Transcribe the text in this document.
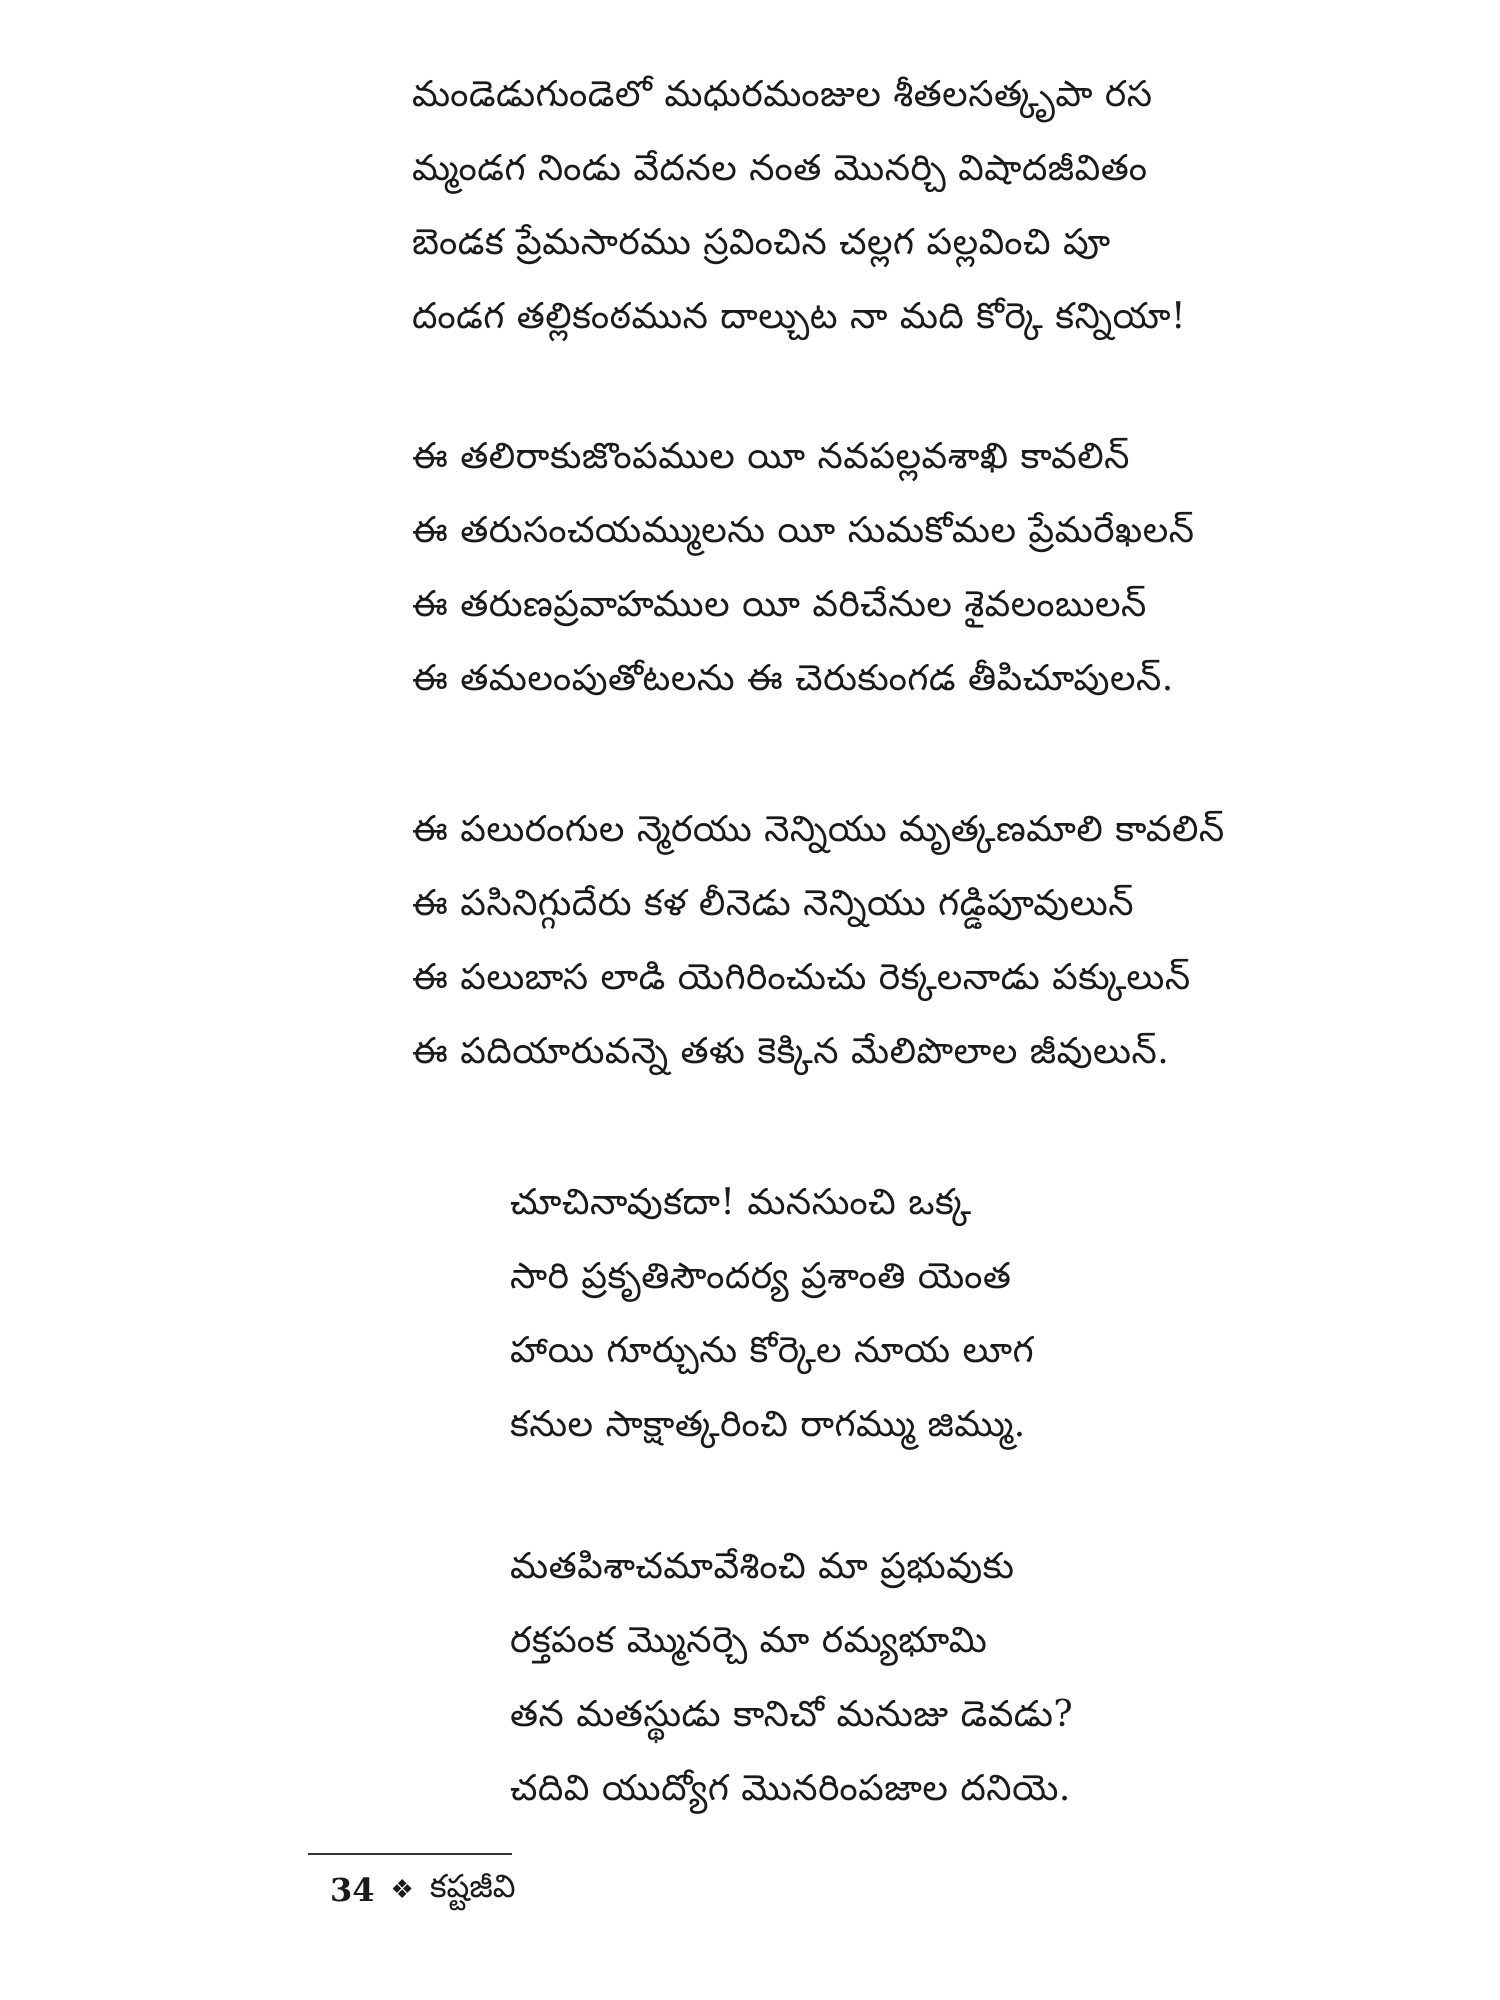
మండెడుగుండెలో మధురమంజుల శీతలసత్కృపా రస
మ్మండగ నిండు వేదనల నంత మొనర్చి విషాదజీవితం
బెండక ప్రేమసారము స్రవించిన చల్లగ పల్లవించి పూ
దండగ తల్లికంఠమున దాల్చుట నా మది కోర్కె కన్నియా!
ఈ తలిరాకుజొంపముల యీ నవపల్లవశాఖి కావలిన్
ఈ తరుసంచయమ్ములను యీ సుమకోమల ప్రేమరేఖలన్
ఈ తరుణప్రవాహముల యీ వరిచేనుల శైవలంబులన్
ఈ తమలంపుతోటలను ఈ చెరుకుంగడ తీపిచూపులన్.
ఈ పలురంగుల న్మెరయు నెన్నియు మృత్కణమాలి కావలిన్
ఈ పసినిగ్గుదేరు కళ లీనెడు నెన్నియు గడ్డిపూవులున్
ఈ పలుబాస లాడి యెగిరించుచు రెక్కలనాడు పక్కులున్
ఈ పదియారువన్నె తళు కెక్కిన మేలిపొలాల జీవులున్.
చూచినావుకదా! మనసుంచి ఒక్క
సారి ప్రకృతిసౌందర్య ప్రశాంతి యెంత
హాయి గూర్చును కోర్కెల నూయ లూగ
కనుల సాక్షాత్కరించి రాగమ్ము జిమ్ము.
మతపిశాచమావేశించి మా ప్రభువుకు
రక్తపంక మ్మొనర్చె మా రమ్యభూమి
తన మతస్థుడు కానిచో మనుజు డెవడు?
చదివి యుద్యోగ మొనరింపజాల దనియె.
34 ❖ కష్టజీవి
